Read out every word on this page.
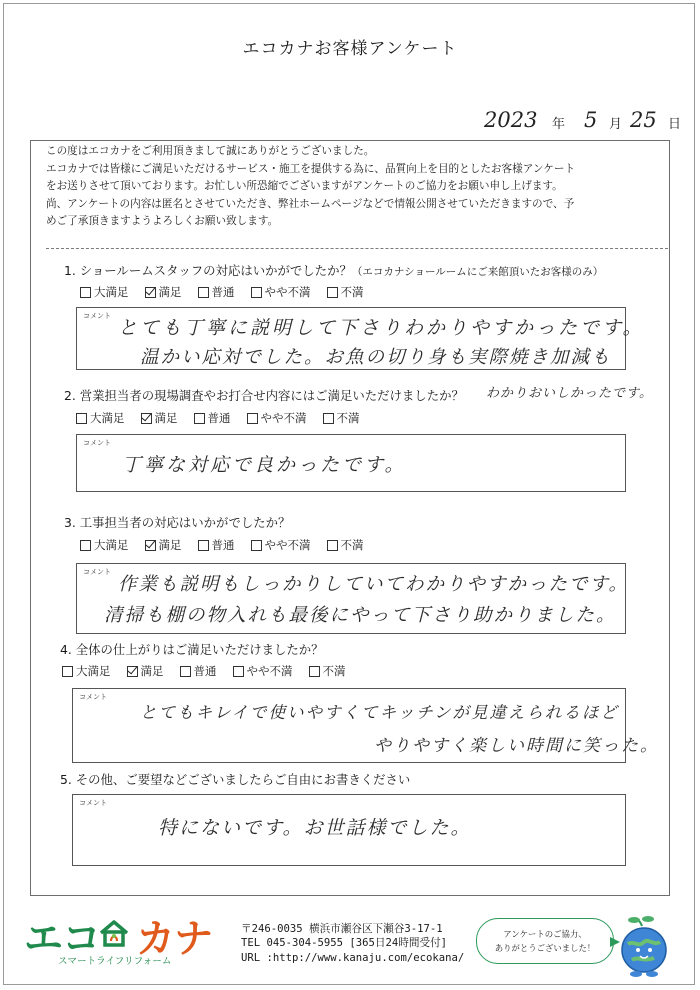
エコカナお客様アンケート
2023 年 5 月 25 日

この度はエコカナをご利用頂きまして誠にありがとうございました。

エコカナでは皆様にご満足いただけるサービス・施工を提供する為に、品質向上を目的としたお客様アンケート

をお送りさせて頂いております。お忙しい所恐縮でございますがアンケートのご協力をお願い申し上げます。

尚、アンケートの内容は匿名とさせていただき、弊社ホームページなどで情報公開させていただきますので、予

めご了承頂きますようよろしくお願い致します。

1. ショールームスタッフの対応はいかがでしたか？（エコカナショールームにご来館頂いたお客様のみ）
大満足	満足	普通	やや不満	不満
コメント
とても丁寧に説明して下さりわかりやすかったです。
温かい応対でした。お魚の切り身も実際焼き加減も
2. 営業担当者の現場調査やお打合せ内容にはご満足いただけましたか？ わかりおいしかったです。
大満足	満足	普通	やや不満	不満
コメント
丁寧な対応で良かったです。
3. 工事担当者の対応はいかがでしたか？
大満足	満足	普通	やや不満	不満
コメント
作業も説明もしっかりしていてわかりやすかったです。
清掃も棚の物入れも最後にやって下さり助かりました。
4. 全体の仕上がりはご満足いただけましたか？
大満足	満足	普通	やや不満	不満
コメント
とてもキレイで使いやすくてキッチンが見違えられるほど
やりやすく楽しい時間に笑った。
5. その他、ご要望などございましたらご自由にお書きください
コメント
特にないです。お世話様でした。
エコ カナ
スマートライフリフォーム
〒246-0035 横浜市瀬谷区下瀬谷3-17-1
TEL 045-304-5955 [365日24時間受付]
URL :http://www.kanaju.com/ecokana/
アンケートのご協力、
ありがとうございました！
